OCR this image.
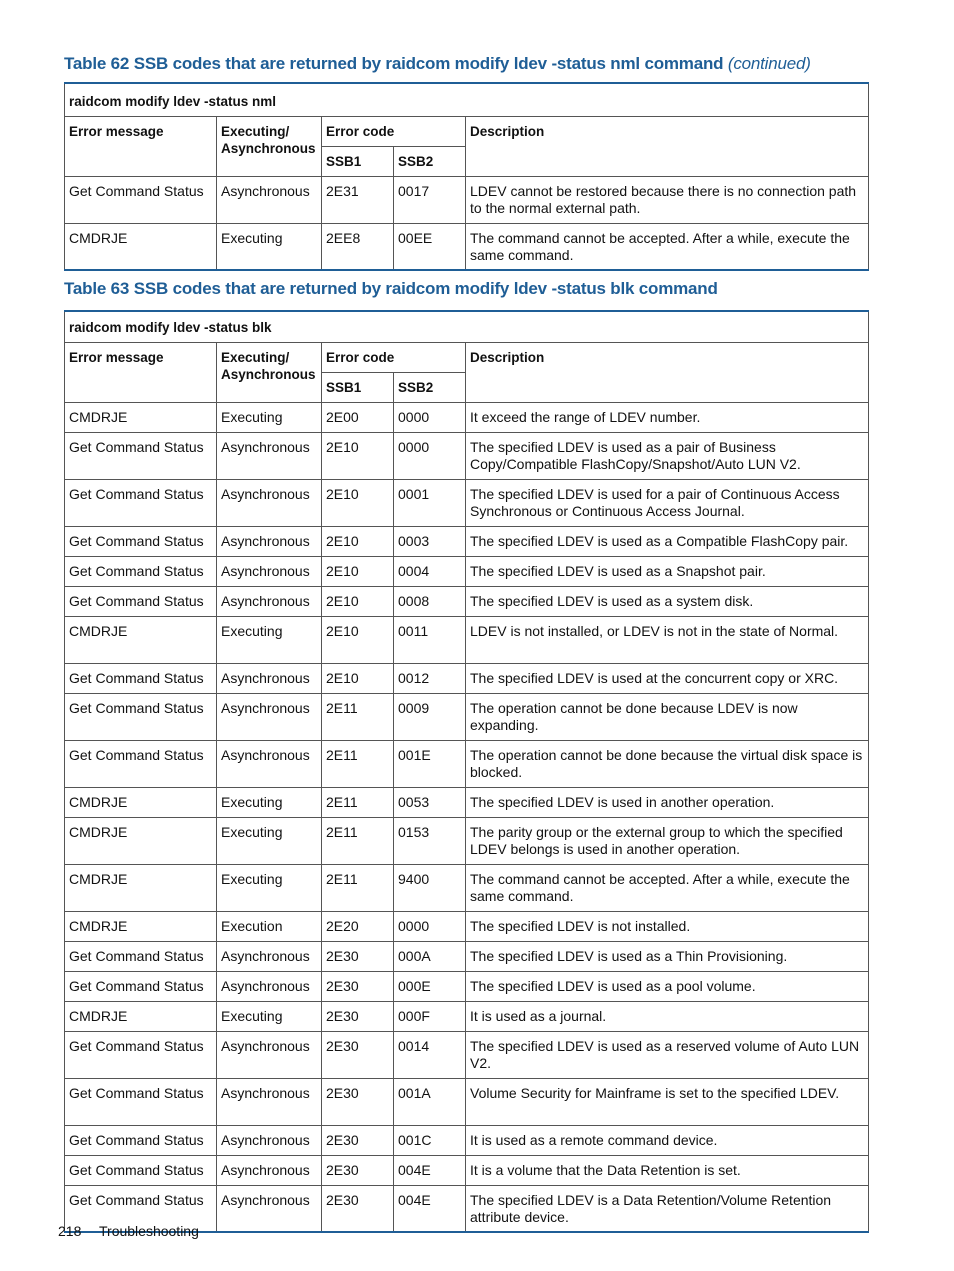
Table 62 SSB codes that are returned by raidcom modify ldev -status nml command (continued)
raidcom modify ldev -status nml				
Error message	Executing/ Asynchronous	Error code		Description
		SSB1	SSB2	
Get Command Status	Asynchronous	2E31	0017	LDEV cannot be restored because there is no connection path to the normal external path.
CMDRJE	Executing	2EE8	00EE	The command cannot be accepted. After a while, execute the same command.
Table 63 SSB codes that are returned by raidcom modify ldev -status blk command
raidcom modify ldev -status blk				
Error message	Executing/ Asynchronous	Error code		Description
		SSB1	SSB2	
CMDRJE	Executing	2E00	0000	It exceed the range of LDEV number.
Get Command Status	Asynchronous	2E10	0000	The specified LDEV is used as a pair of Business Copy/Compatible FlashCopy/Snapshot/Auto LUN V2.
Get Command Status	Asynchronous	2E10	0001	The specified LDEV is used for a pair of Continuous Access Synchronous or Continuous Access Journal.
Get Command Status	Asynchronous	2E10	0003	The specified LDEV is used as a Compatible FlashCopy pair.
Get Command Status	Asynchronous	2E10	0004	The specified LDEV is used as a Snapshot pair.
Get Command Status	Asynchronous	2E10	0008	The specified LDEV is used as a system disk.
CMDRJE	Executing	2E10	0011	LDEV is not installed, or LDEV is not in the state of Normal.
Get Command Status	Asynchronous	2E10	0012	The specified LDEV is used at the concurrent copy or XRC.
Get Command Status	Asynchronous	2E11	0009	The operation cannot be done because LDEV is now expanding.
Get Command Status	Asynchronous	2E11	001E	The operation cannot be done because the virtual disk space is blocked.
CMDRJE	Executing	2E11	0053	The specified LDEV is used in another operation.
CMDRJE	Executing	2E11	0153	The parity group or the external group to which the specified LDEV belongs is used in another operation.
CMDRJE	Executing	2E11	9400	The command cannot be accepted. After a while, execute the same command.
CMDRJE	Execution	2E20	0000	The specified LDEV is not installed.
Get Command Status	Asynchronous	2E30	000A	The specified LDEV is used as a Thin Provisioning.
Get Command Status	Asynchronous	2E30	000E	The specified LDEV is used as a pool volume.
CMDRJE	Executing	2E30	000F	It is used as a journal.
Get Command Status	Asynchronous	2E30	0014	The specified LDEV is used as a reserved volume of Auto LUN V2.
Get Command Status	Asynchronous	2E30	001A	Volume Security for Mainframe is set to the specified LDEV.
Get Command Status	Asynchronous	2E30	001C	It is used as a remote command device.
Get Command Status	Asynchronous	2E30	004E	It is a volume that the Data Retention is set.
Get Command Status	Asynchronous	2E30	004E	The specified LDEV is a Data Retention/Volume Retention attribute device.
218 Troubleshooting
